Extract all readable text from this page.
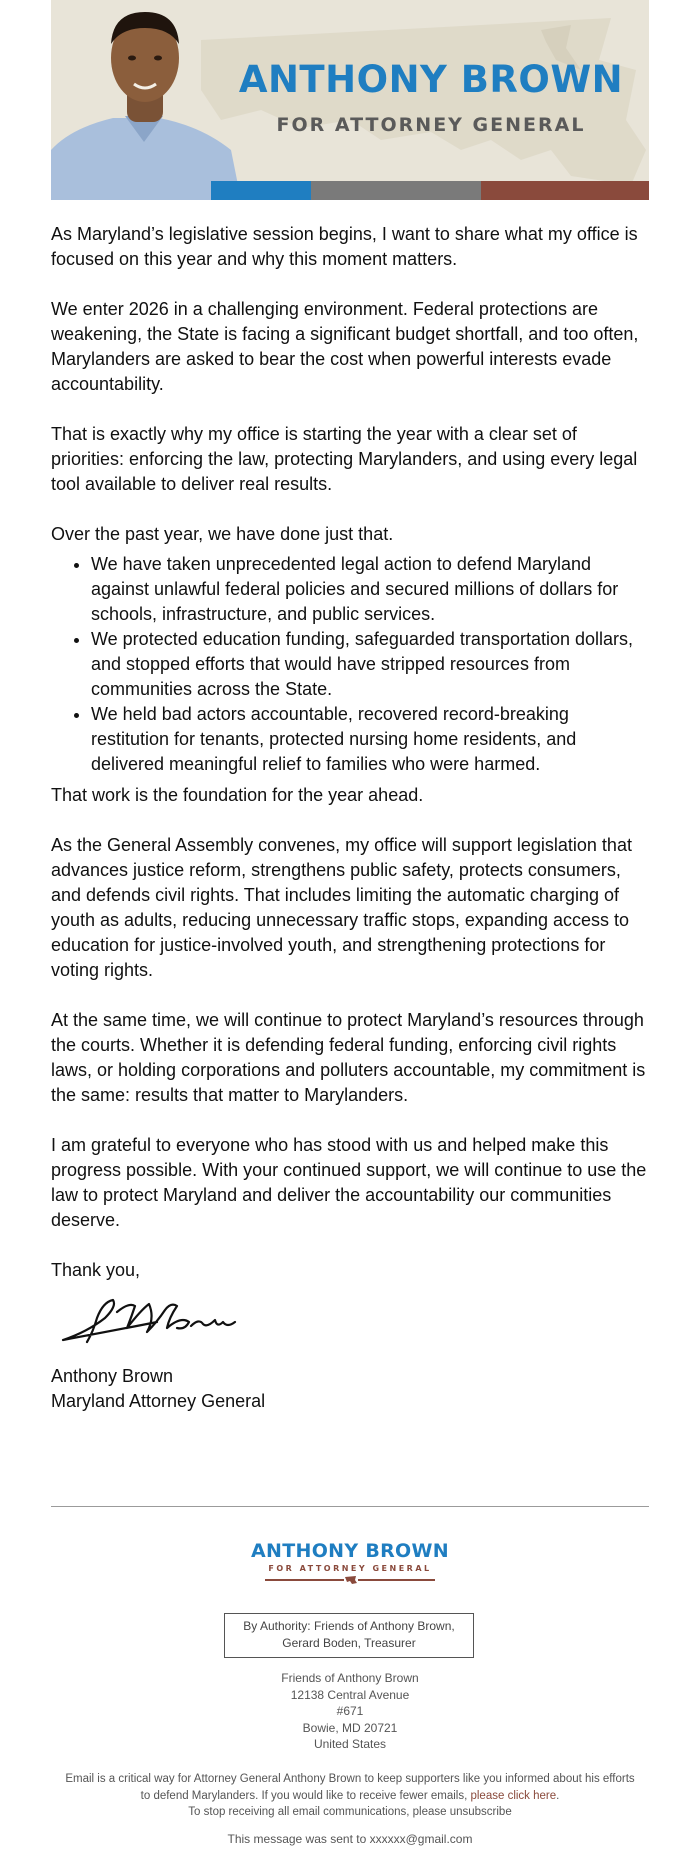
ANTHONY BROWN
FOR ATTORNEY GENERAL

As Maryland’s legislative session begins, I want to share what my office is focused on this year and why this moment matters.

We enter 2026 in a challenging environment. Federal protections are weakening, the State is facing a significant budget shortfall, and too often, Marylanders are asked to bear the cost when powerful interests evade accountability.

That is exactly why my office is starting the year with a clear set of priorities: enforcing the law, protecting Marylanders, and using every legal tool available to deliver real results.

Over the past year, we have done just that.

• We have taken unprecedented legal action to defend Maryland against unlawful federal policies and secured millions of dollars for schools, infrastructure, and public services.
• We protected education funding, safeguarded transportation dollars, and stopped efforts that would have stripped resources from communities across the State.
• We held bad actors accountable, recovered record-breaking restitution for tenants, protected nursing home residents, and delivered meaningful relief to families who were harmed.

That work is the foundation for the year ahead.

As the General Assembly convenes, my office will support legislation that advances justice reform, strengthens public safety, protects consumers, and defends civil rights. That includes limiting the automatic charging of youth as adults, reducing unnecessary traffic stops, expanding access to education for justice-involved youth, and strengthening protections for voting rights.

At the same time, we will continue to protect Maryland’s resources through the courts. Whether it is defending federal funding, enforcing civil rights laws, or holding corporations and polluters accountable, my commitment is the same: results that matter to Marylanders.

I am grateful to everyone who has stood with us and helped make this progress possible. With your continued support, we will continue to use the law to protect Maryland and deliver the accountability our communities deserve.

Thank you,

Anthony Brown

Maryland Attorney General

ANTHONY BROWN
FOR ATTORNEY GENERAL
By Authority: Friends of Anthony Brown,
Gerard Boden, Treasurer
Friends of Anthony Brown
12138 Central Avenue
#671
Bowie, MD 20721
United States
Email is a critical way for Attorney General Anthony Brown to keep supporters like you informed about his efforts to defend Marylanders. If you would like to receive fewer emails, please click here.
To stop receiving all email communications, please unsubscribe
This message was sent to xxxxxx@gmail.com
